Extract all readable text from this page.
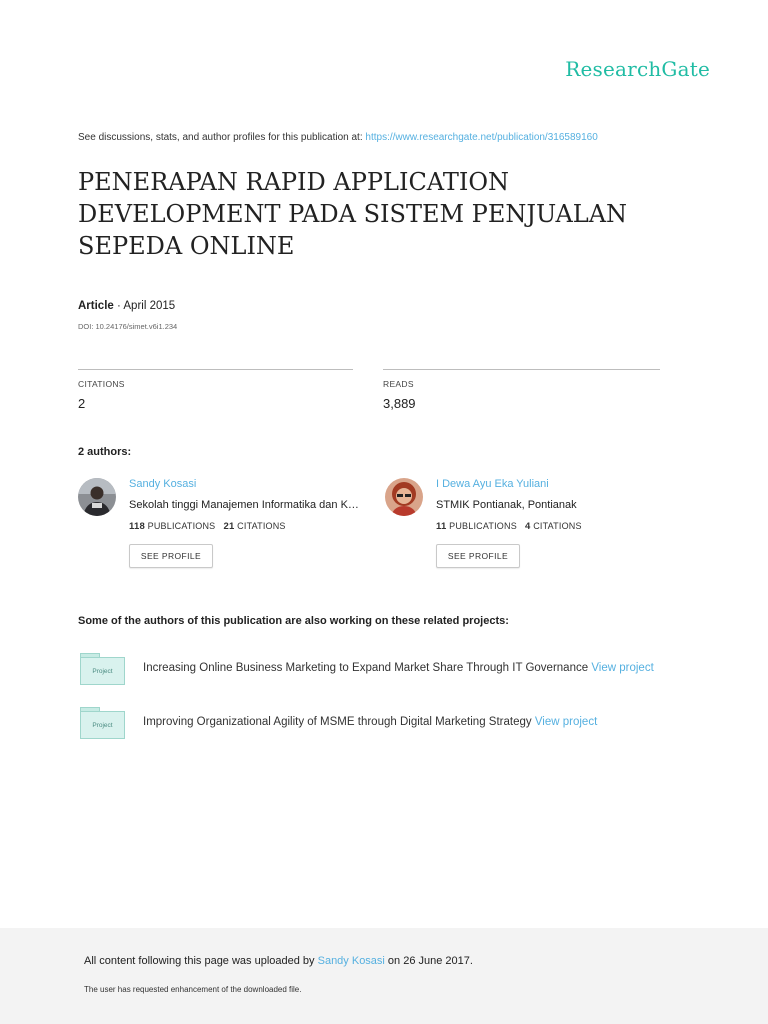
ResearchGate
See discussions, stats, and author profiles for this publication at: https://www.researchgate.net/publication/316589160
PENERAPAN RAPID APPLICATION DEVELOPMENT PADA SISTEM PENJUALAN SEPEDA ONLINE
Article · April 2015
DOI: 10.24176/simet.v6i1.234
CITATIONS
2
READS
3,889
2 authors:
Sandy Kosasi
Sekolah tinggi Manajemen Informatika dan K…
118 PUBLICATIONS 21 CITATIONS
SEE PROFILE
I Dewa Ayu Eka Yuliani
STMIK Pontianak, Pontianak
11 PUBLICATIONS 4 CITATIONS
SEE PROFILE
Some of the authors of this publication are also working on these related projects:
Project	Increasing Online Business Marketing to Expand Market Share Through IT Governance View project
Project	Improving Organizational Agility of MSME through Digital Marketing Strategy View project
All content following this page was uploaded by Sandy Kosasi on 26 June 2017.
The user has requested enhancement of the downloaded file.
